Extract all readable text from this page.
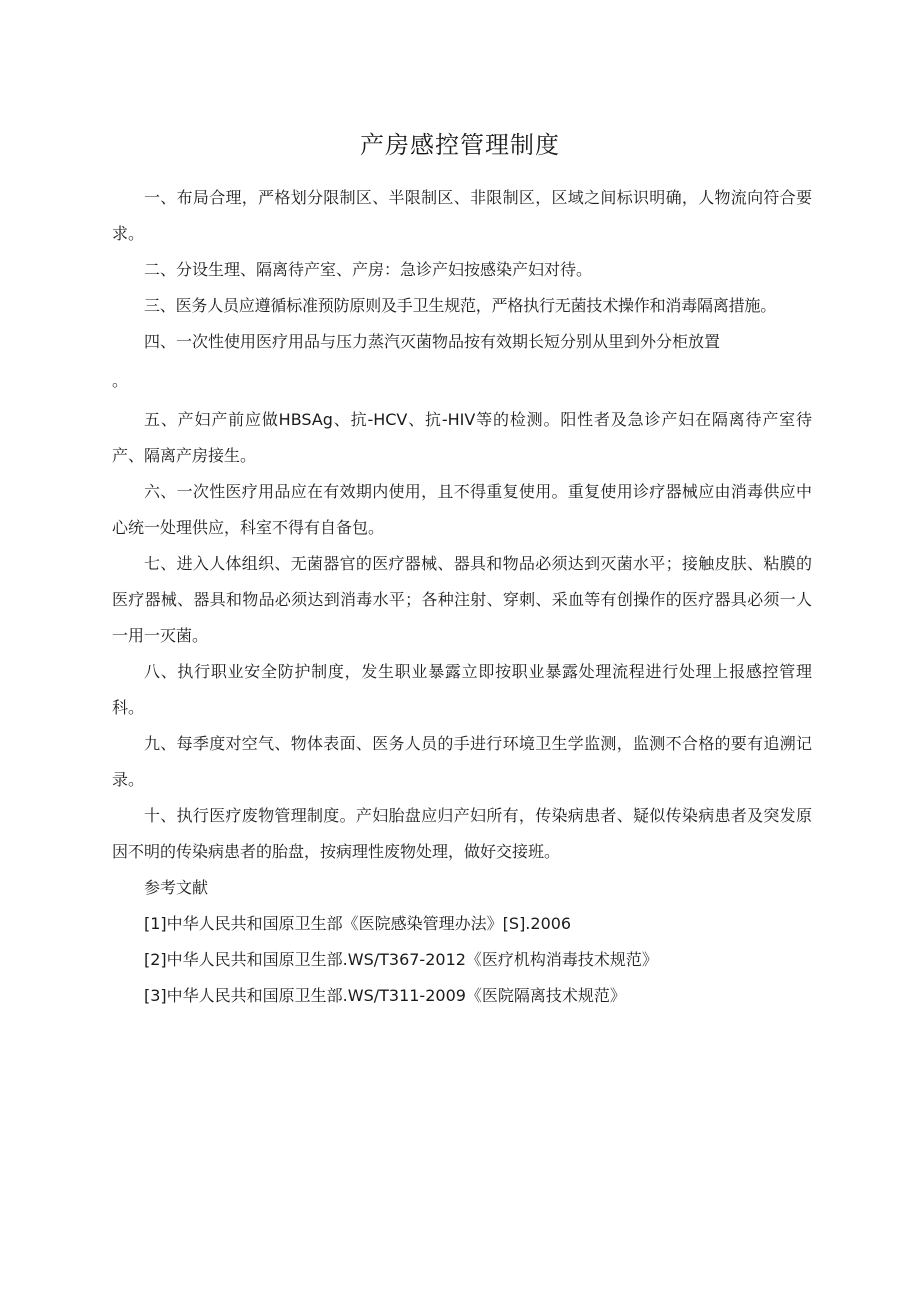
产房感控管理制度

一、布局合理，严格划分限制区、半限制区、非限制区，区域之间标识明确，人物流向符合要求。

二、分设生理、隔离待产室、产房：急诊产妇按感染产妇对待。

三、医务人员应遵循标准预防原则及手卫生规范，严格执行无菌技术操作和消毒隔离措施。

四、一次性使用医疗用品与压力蒸汽灭菌物品按有效期长短分别从里到外分柜放置

。

五、产妇产前应做HBSAg、抗-HCV、抗-HIV等的检测。阳性者及急诊产妇在隔离待产室待产、隔离产房接生。

六、一次性医疗用品应在有效期内使用，且不得重复使用。重复使用诊疗器械应由消毒供应中心统一处理供应，科室不得有自备包。

七、进入人体组织、无菌器官的医疗器械、器具和物品必须达到灭菌水平；接触皮肤、粘膜的医疗器械、器具和物品必须达到消毒水平；各种注射、穿刺、采血等有创操作的医疗器具必须一人一用一灭菌。

八、执行职业安全防护制度，发生职业暴露立即按职业暴露处理流程进行处理上报感控管理科。

九、每季度对空气、物体表面、医务人员的手进行环境卫生学监测，监测不合格的要有追溯记录。

十、执行医疗废物管理制度。产妇胎盘应归产妇所有，传染病患者、疑似传染病患者及突发原因不明的传染病患者的胎盘，按病理性废物处理，做好交接班。

参考文献

[1]中华人民共和国原卫生部《医院感染管理办法》[S].2006

[2]中华人民共和国原卫生部.WS/T367-2012《医疗机构消毒技术规范》

[3]中华人民共和国原卫生部.WS/T311-2009《医院隔离技术规范》
